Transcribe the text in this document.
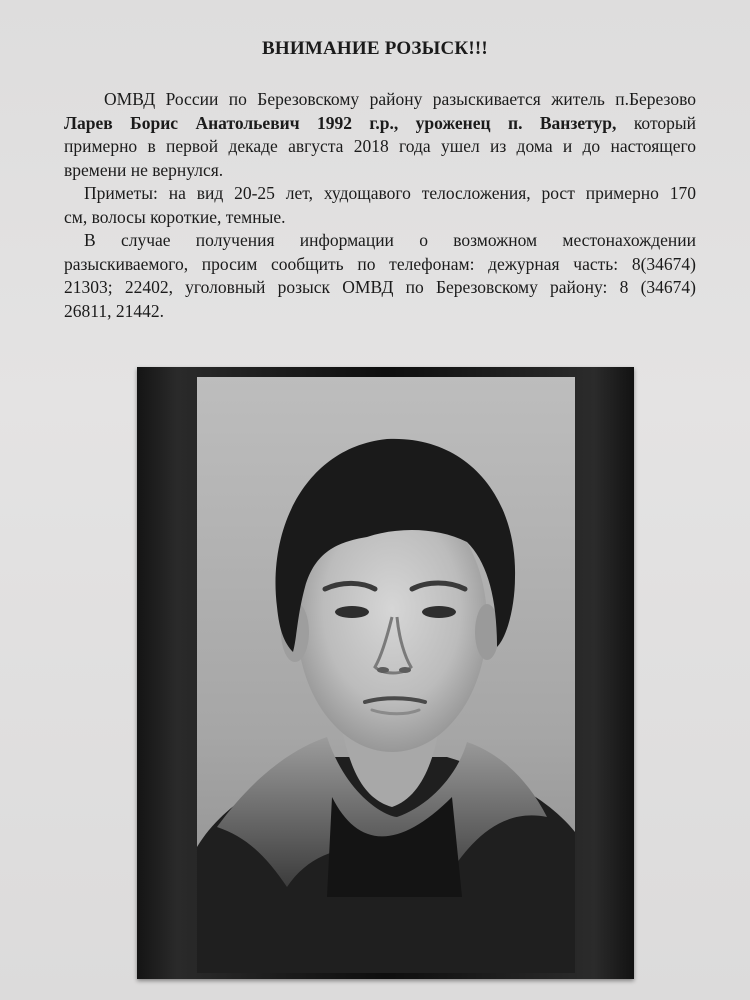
ВНИМАНИЕ РОЗЫСК!!!

ОМВД России по Березовскому району разыскивается житель п.Березово
Ларев Борис Анатольевич 1992 г.р., уроженец п. Ванзетур, который
примерно в первой декаде августа 2018 года ушел из дома и до настоящего
времени не вернулся.

Приметы: на вид 20-25 лет, худощавого телосложения, рост примерно 170
см, волосы короткие, темные.

В случае получения информации о возможном местонахождении
разыскиваемого, просим сообщить по телефонам: дежурная часть: 8(34674)
21303; 22402, уголовный розыск ОМВД по Березовскому району: 8 (34674)
26811, 21442.
